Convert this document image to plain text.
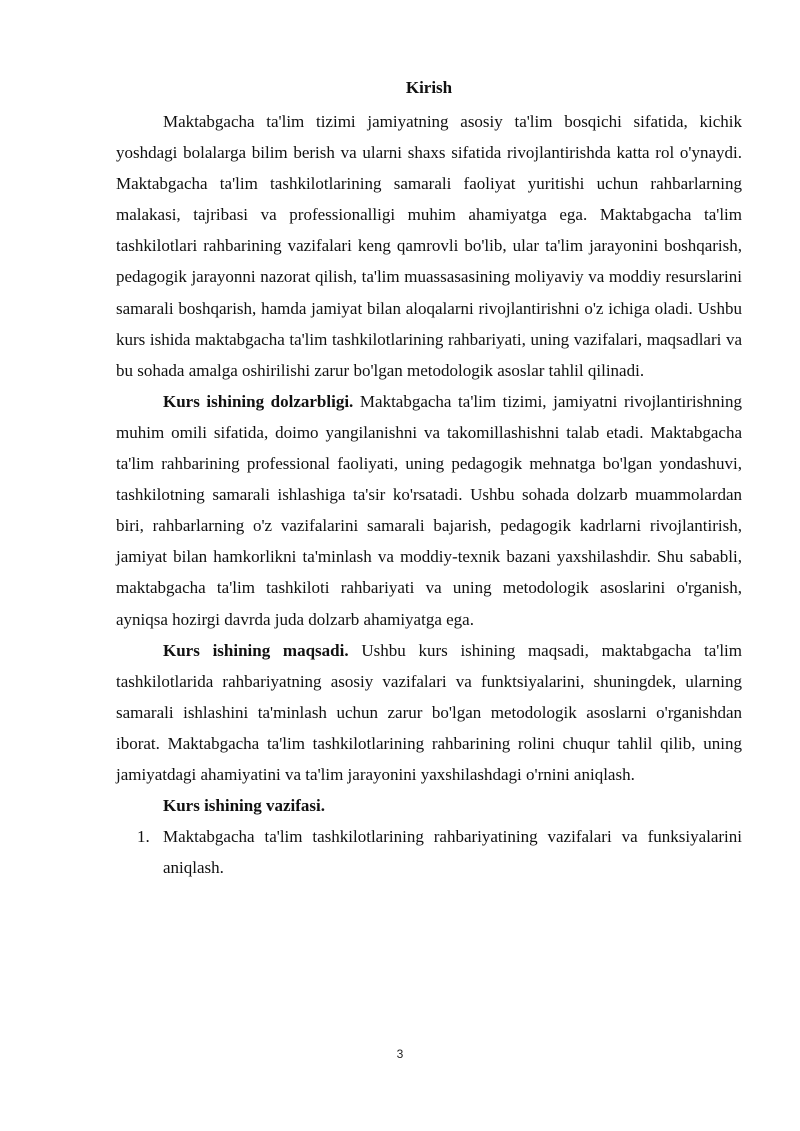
Kirish

Maktabgacha ta'lim tizimi jamiyatning asosiy ta'lim bosqichi sifatida, kichik yoshdagi bolalarga bilim berish va ularni shaxs sifatida rivojlantirishda katta rol o'ynaydi. Maktabgacha ta'lim tashkilotlarining samarali faoliyat yuritishi uchun rahbarlarning malakasi, tajribasi va professionalligi muhim ahamiyatga ega. Maktabgacha ta'lim tashkilotlari rahbarining vazifalari keng qamrovli bo'lib, ular ta'lim jarayonini boshqarish, pedagogik jarayonni nazorat qilish, ta'lim muassasasining moliyaviy va moddiy resurslarini samarali boshqarish, hamda jamiyat bilan aloqalarni rivojlantirishni o'z ichiga oladi. Ushbu kurs ishida maktabgacha ta'lim tashkilotlarining rahbariyati, uning vazifalari, maqsadlari va bu sohada amalga oshirilishi zarur bo'lgan metodologik asoslar tahlil qilinadi.

Kurs ishining dolzarbligi. Maktabgacha ta'lim tizimi, jamiyatni rivojlantirishning muhim omili sifatida, doimo yangilanishni va takomillashishni talab etadi. Maktabgacha ta'lim rahbarining professional faoliyati, uning pedagogik mehnatga bo'lgan yondashuvi, tashkilotning samarali ishlashiga ta'sir ko'rsatadi. Ushbu sohada dolzarb muammolardan biri, rahbarlarning o'z vazifalarini samarali bajarish, pedagogik kadrlarni rivojlantirish, jamiyat bilan hamkorlikni ta'minlash va moddiy-texnik bazani yaxshilashdir. Shu sababli, maktabgacha ta'lim tashkiloti rahbariyati va uning metodologik asoslarini o'rganish, ayniqsa hozirgi davrda juda dolzarb ahamiyatga ega.

Kurs ishining maqsadi. Ushbu kurs ishining maqsadi, maktabgacha ta'lim tashkilotlarida rahbariyatning asosiy vazifalari va funktsiyalarini, shuningdek, ularning samarali ishlashini ta'minlash uchun zarur bo'lgan metodologik asoslarni o'rganishdan iborat. Maktabgacha ta'lim tashkilotlarining rahbarining rolini chuqur tahlil qilib, uning jamiyatdagi ahamiyatini va ta'lim jarayonini yaxshilashdagi o'rnini aniqlash.

Kurs ishining vazifasi.

1. Maktabgacha ta'lim tashkilotlarining rahbariyatining vazifalari va funksiyalarini aniqlash.
3
